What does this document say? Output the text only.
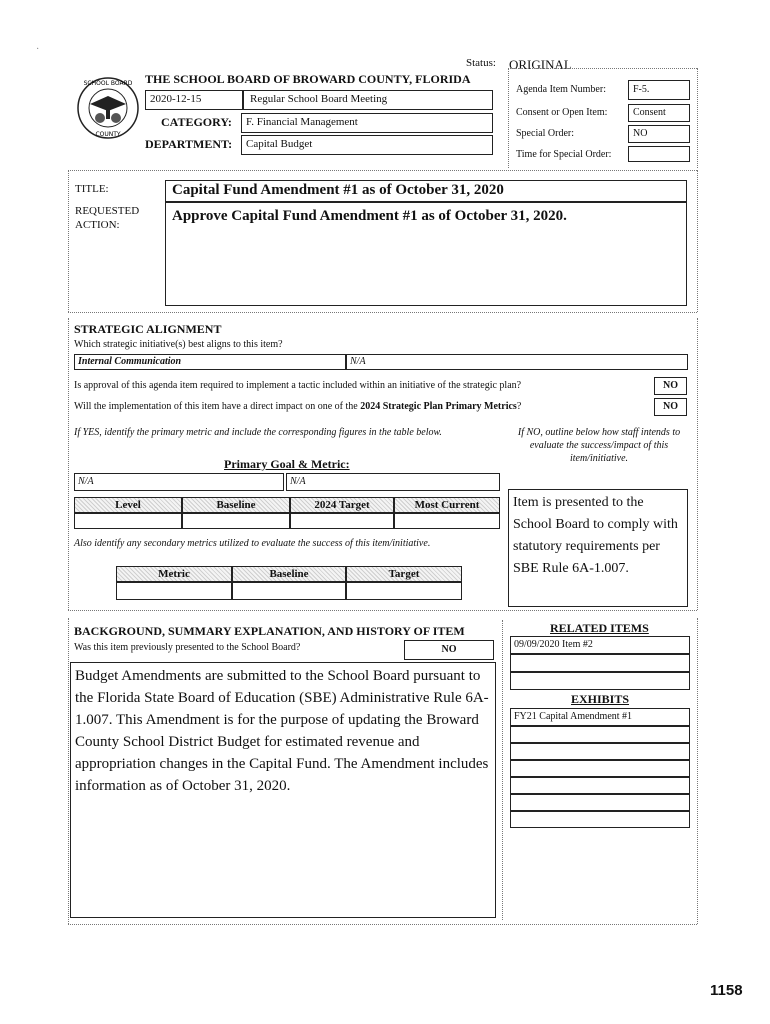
·
SCHOOL BOARD
COUNTY
Status: ORIGINAL
THE SCHOOL BOARD OF BROWARD COUNTY, FLORIDA
2020-12-15	Regular School Board Meeting
CATEGORY:	F. Financial Management
DEPARTMENT:	Capital Budget
Agenda Item Number:	F-5.
Consent or Open Item:	Consent
Special Order:	NO
Time for Special Order:
TITLE:	Capital Fund Amendment #1 as of October 31, 2020
REQUESTED
ACTION:
Approve Capital Fund Amendment #1 as of October 31, 2020.
STRATEGIC ALIGNMENT
Which strategic initiative(s) best aligns to this item?
Internal Communication	N/A
Is approval of this agenda item required to implement a tactic included within an initiative of the strategic plan?	NO
Will the implementation of this item have a direct impact on one of the 2024 Strategic Plan Primary Metrics?	NO
If YES, identify the primary metric and include the corresponding figures in the table below.	If NO, outline below how staff intends to evaluate the success/impact of this item/initiative.
Primary Goal & Metric:
N/A	N/A
Level	Baseline	2024 Target	Most Current
Also identify any secondary metrics utilized to evaluate the success of this item/initiative.
Metric	Baseline	Target
Item is presented to the School Board to comply with statutory requirements per SBE Rule 6A-1.007.
BACKGROUND, SUMMARY EXPLANATION, AND HISTORY OF ITEM
Was this item previously presented to the School Board?	NO
Budget Amendments are submitted to the School Board pursuant to the Florida State Board of Education (SBE) Administrative Rule 6A-1.007. This Amendment is for the purpose of updating the Broward County School District Budget for estimated revenue and appropriation changes in the Capital Fund. The Amendment includes information as of October 31, 2020.
RELATED ITEMS
09/09/2020 Item #2
EXHIBITS
FY21 Capital Amendment #1
1158
